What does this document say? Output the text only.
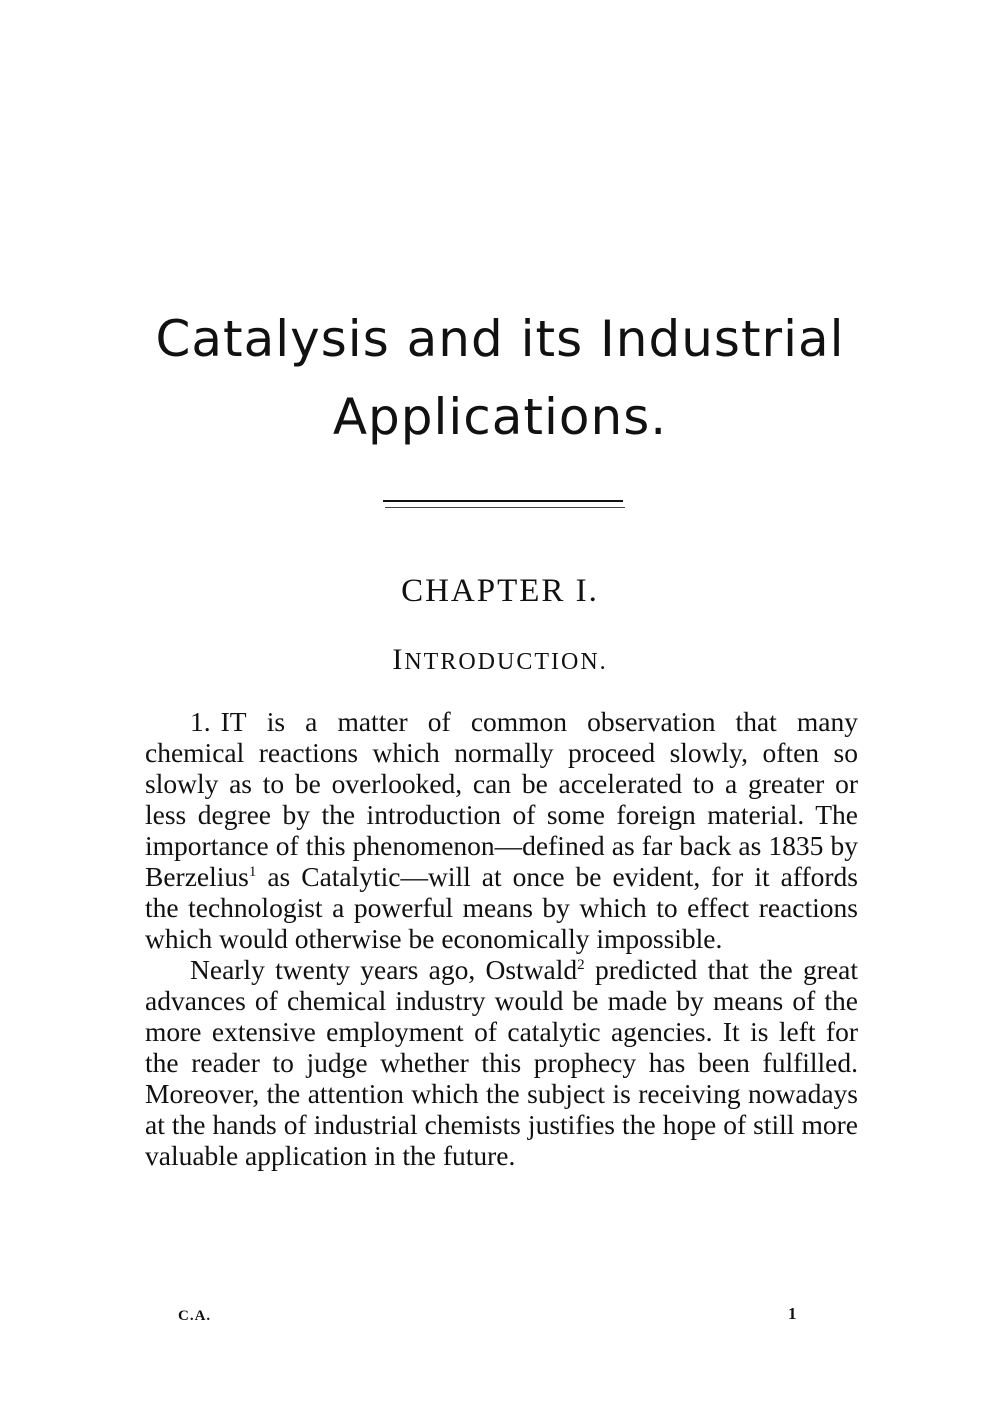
Catalysis and its Industrial
Applications.
CHAPTER I.
INTRODUCTION.

1. IT is a matter of common observation that many chemical reactions which normally proceed slowly, often so slowly as to be overlooked, can be accelerated to a greater or less degree by the introduction of some foreign material. The importance of this phenomenon—defined as far back as 1835 by Berzelius$^1$ as Catalytic—will at once be evident, for it affords the technologist a powerful means by which to effect reactions which would otherwise be economically impossible.

Nearly twenty years ago, Ostwald$^2$ predicted that the great advances of chemical industry would be made by means of the more extensive employment of catalytic agencies. It is left for the reader to judge whether this prophecy has been fulfilled. Moreover, the attention which the subject is receiving nowadays at the hands of industrial chemists justifies the hope of still more valuable application in the future.

C.A.	1
